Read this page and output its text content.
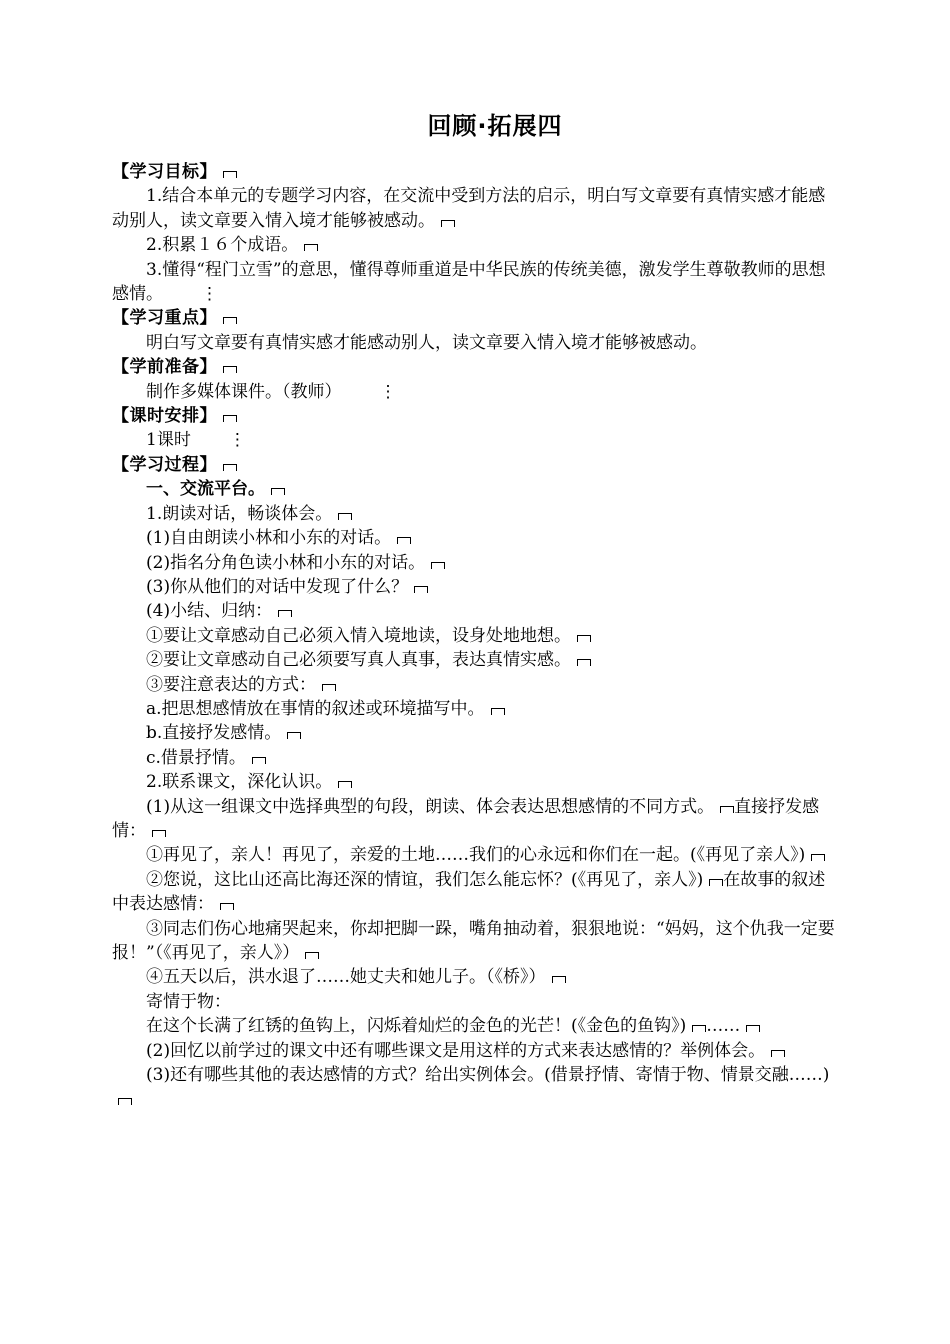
回顾·拓展四

【学习目标】

1.结合本单元的专题学习内容，在交流中受到方法的启示，明白写文章要有真情实感才能感动别人，读文章要入情入境才能够被感动。

2.积累１６个成语。

3.懂得“程门立雪”的意思，懂得尊师重道是中华民族的传统美德，激发学生尊敬教师的思想感情。 ⋮

【学习重点】

明白写文章要有真情实感才能感动别人，读文章要入情入境才能够被感动。

【学前准备】

制作多媒体课件。（教师） ⋮

【课时安排】

1课时 ⋮

【学习过程】

一、交流平台。

1.朗读对话，畅谈体会。

(1)自由朗读小林和小东的对话。

(2)指名分角色读小林和小东的对话。

(3)你从他们的对话中发现了什么？

(4)小结、归纳：

①要让文章感动自己必须入情入境地读，设身处地地想。

②要让文章感动自己必须要写真人真事，表达真情实感。

③要注意表达的方式：

a.把思想感情放在事情的叙述或环境描写中。

b.直接抒发感情。

c.借景抒情。

2.联系课文，深化认识。

(1)从这一组课文中选择典型的句段，朗读、体会表达思想感情的不同方式。 直接抒发感情：

①再见了，亲人！再见了，亲爱的土地……我们的心永远和你们在一起。(《再见了亲人》)

②您说，这比山还高比海还深的情谊，我们怎么能忘怀？(《再见了，亲人》) 在故事的叙述中表达感情：

③同志们伤心地痛哭起来，你却把脚一跺，嘴角抽动着，狠狠地说：“妈妈，这个仇我一定要报！”（《再见了，亲人》）

④五天以后，洪水退了……她丈夫和她儿子。（《桥》）

寄情于物：

在这个长满了红锈的鱼钩上，闪烁着灿烂的金色的光芒！(《金色的鱼钩》) ……

(2)回忆以前学过的课文中还有哪些课文是用这样的方式来表达感情的？举例体会。

(3)还有哪些其他的表达感情的方式？给出实例体会。(借景抒情、寄情于物、情景交融……)
